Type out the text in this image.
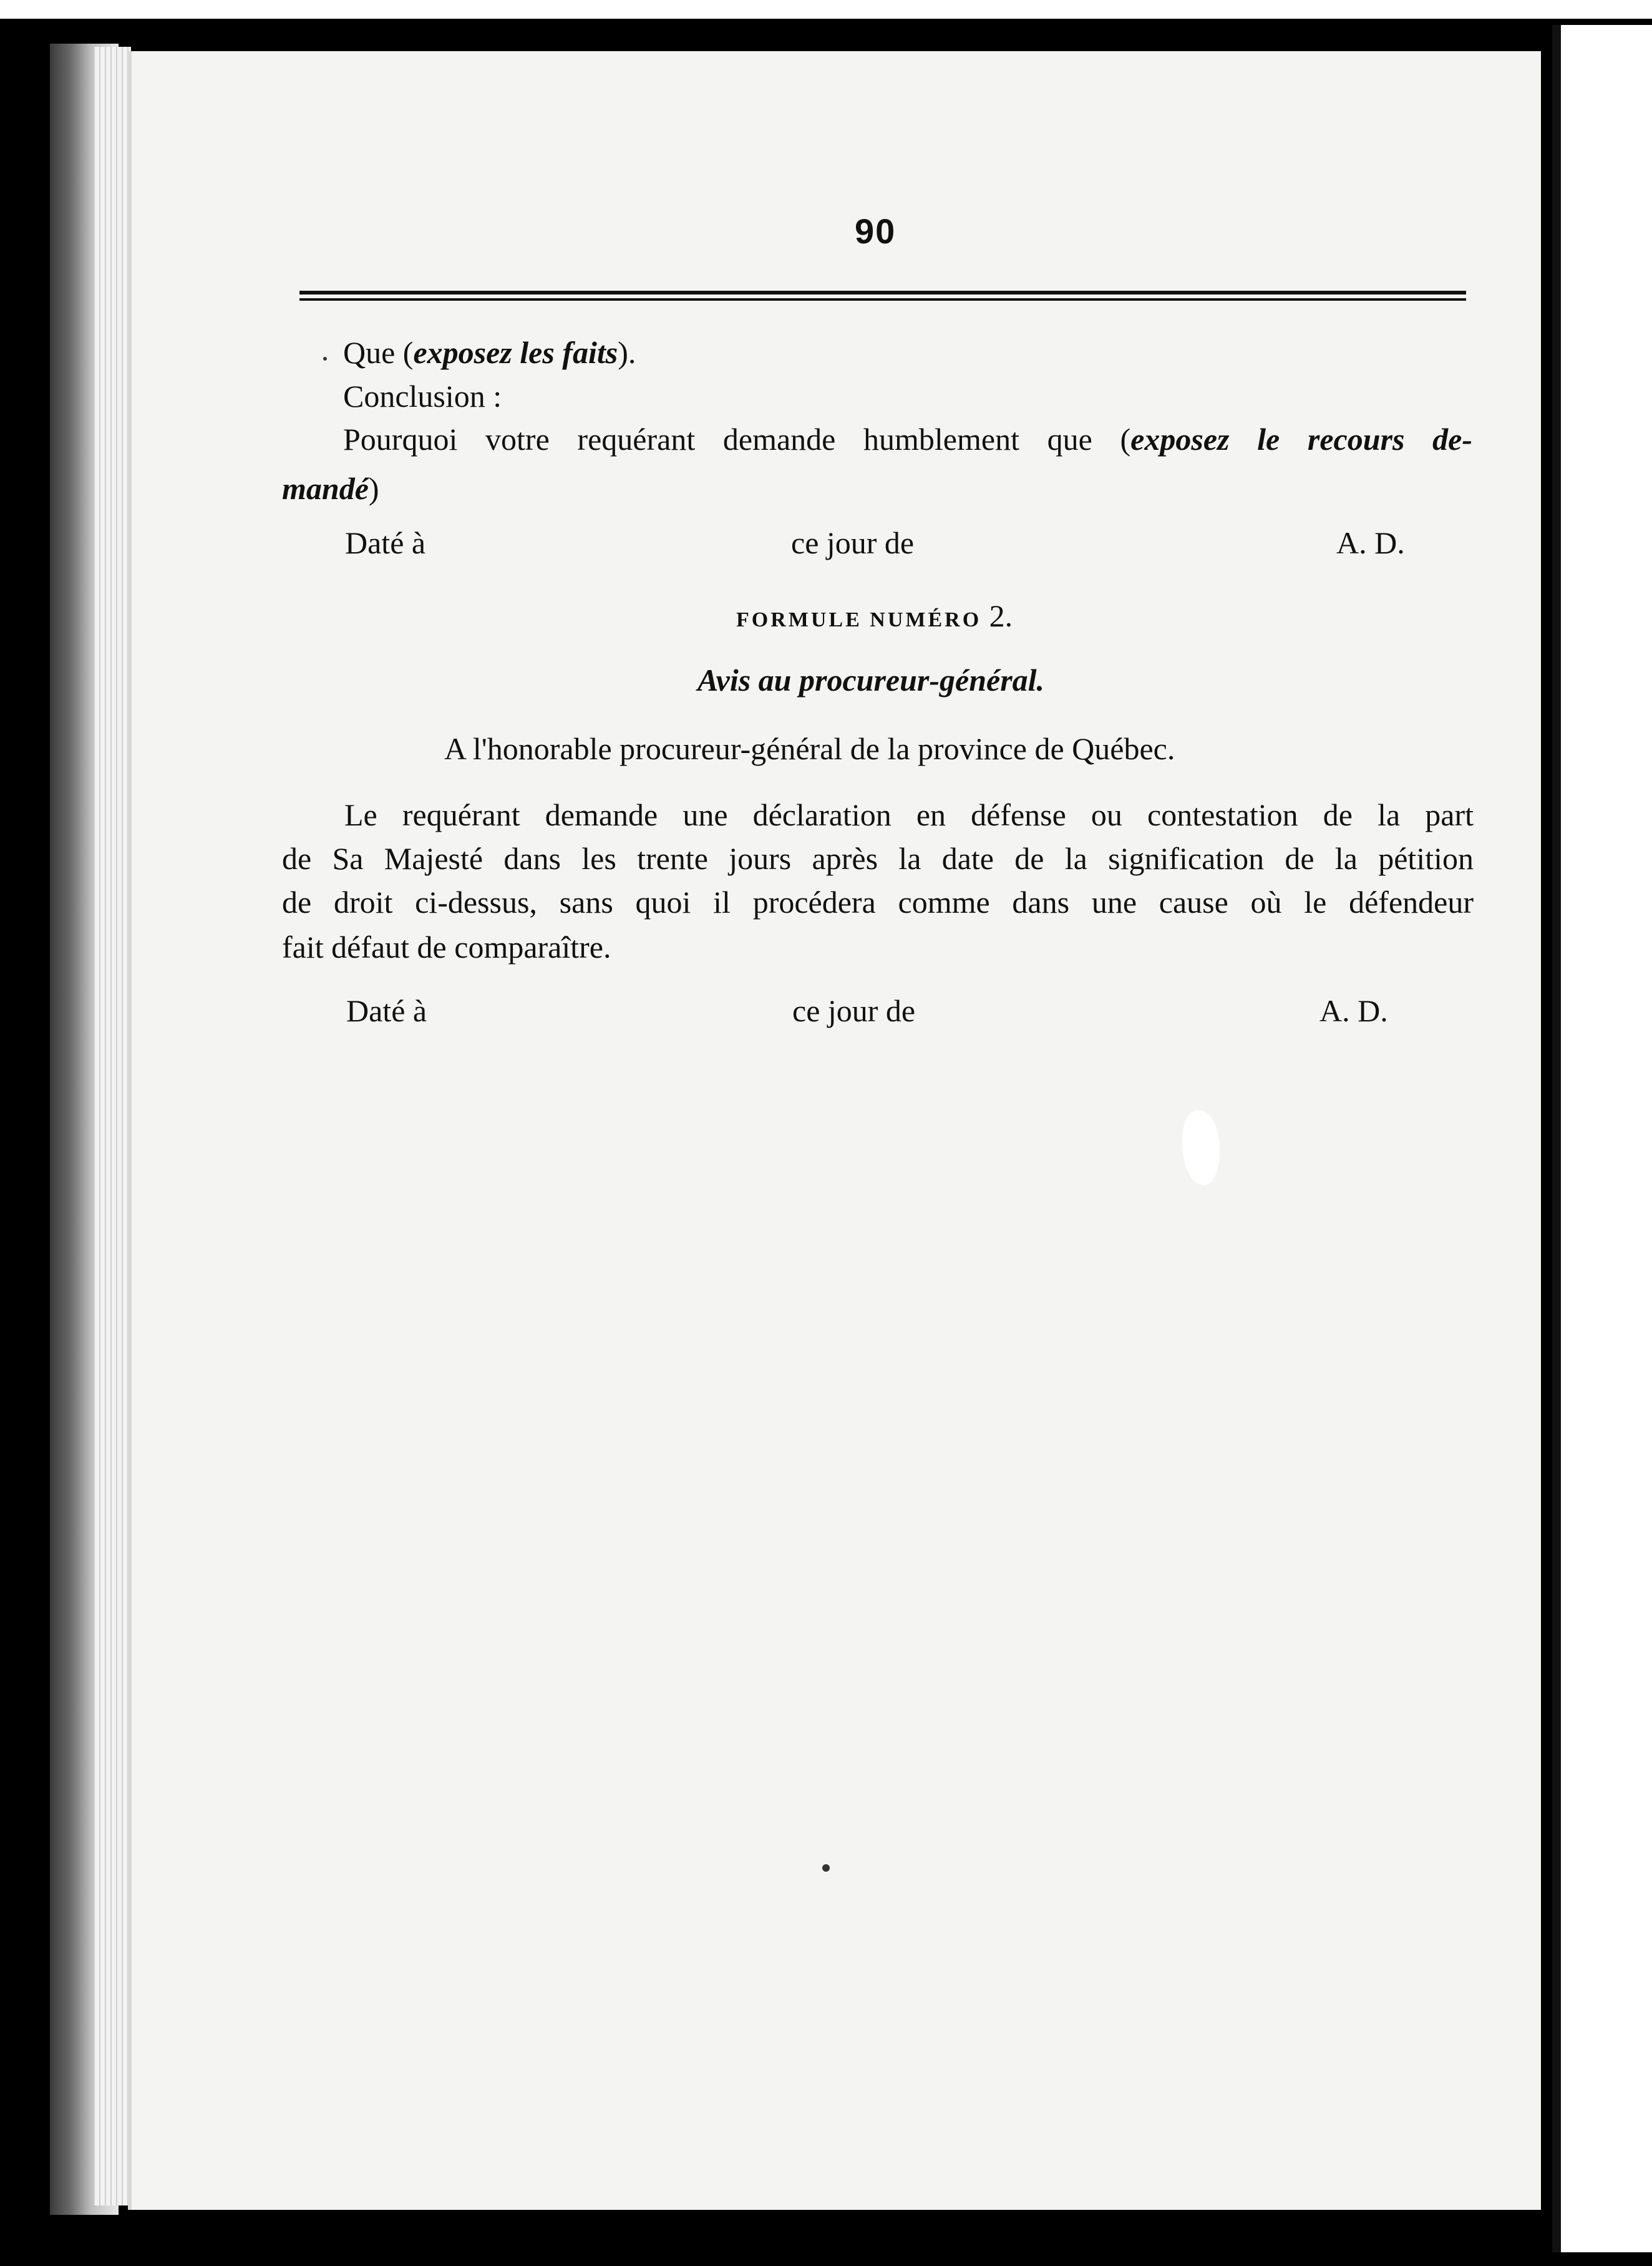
90
Que (exposez les faits).
Conclusion :
Pourquoi votre requérant demande humblement que (exposez le recours de-
mandé)
Daté à	ce jour de	A. D.
FORMULE NUMÉRO 2.
Avis au procureur-général.
A l'honorable procureur-général de la province de Québec.
Le requérant demande une déclaration en défense ou contestation de la part
de Sa Majesté dans les trente jours après la date de la signification de la pétition
de droit ci-dessus, sans quoi il procédera comme dans une cause où le défendeur
fait défaut de comparaître.
Daté à	ce jour de	A. D.
